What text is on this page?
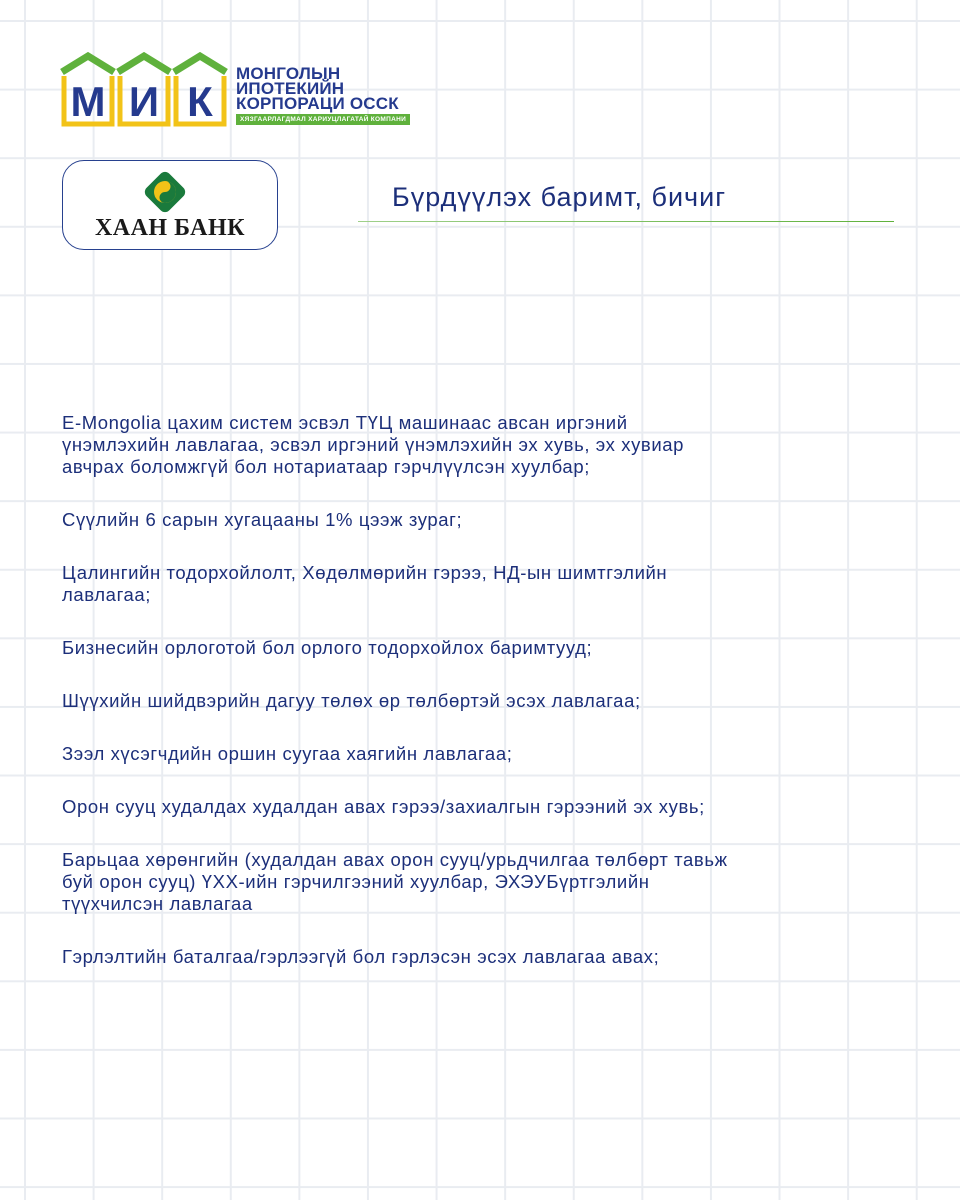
М И К
МОНГОЛЫН
ИПОТЕКИЙН
КОРПОРАЦИ ОССК
ХЯЗГААРЛАГДМАЛ ХАРИУЦЛАГАТАЙ КОМПАНИ
ХААН БАНК
Бүрдүүлэх баримт, бичиг
E-Mongolia цахим систем эсвэл ТҮЦ машинаас авсан иргэний
үнэмлэхийн лавлагаа, эсвэл иргэний үнэмлэхийн эх хувь, эх хувиар
авчрах боломжгүй бол нотариатаар гэрчлүүлсэн хуулбар;
Сүүлийн 6 сарын хугацааны 1% цээж зураг;
Цалингийн тодорхойлолт, Хөдөлмөрийн гэрээ, НД-ын шимтгэлийн
лавлагаа;
Бизнесийн орлоготой бол орлого тодорхойлох баримтууд;
Шүүхийн шийдвэрийн дагуу төлөх өр төлбөртэй эсэх лавлагаа;
Зээл хүсэгчдийн оршин суугаа хаягийн лавлагаа;
Орон сууц худалдах худалдан авах гэрээ/захиалгын гэрээний эх хувь;
Барьцаа хөрөнгийн (худалдан авах орон сууц/урьдчилгаа төлбөрт тавьж
буй орон сууц) ҮХХ-ийн гэрчилгээний хуулбар, ЭХЭУБүртгэлийн
түүхчилсэн лавлагаа
Гэрлэлтийн баталгаа/гэрлээгүй бол гэрлэсэн эсэх лавлагаа авах;
